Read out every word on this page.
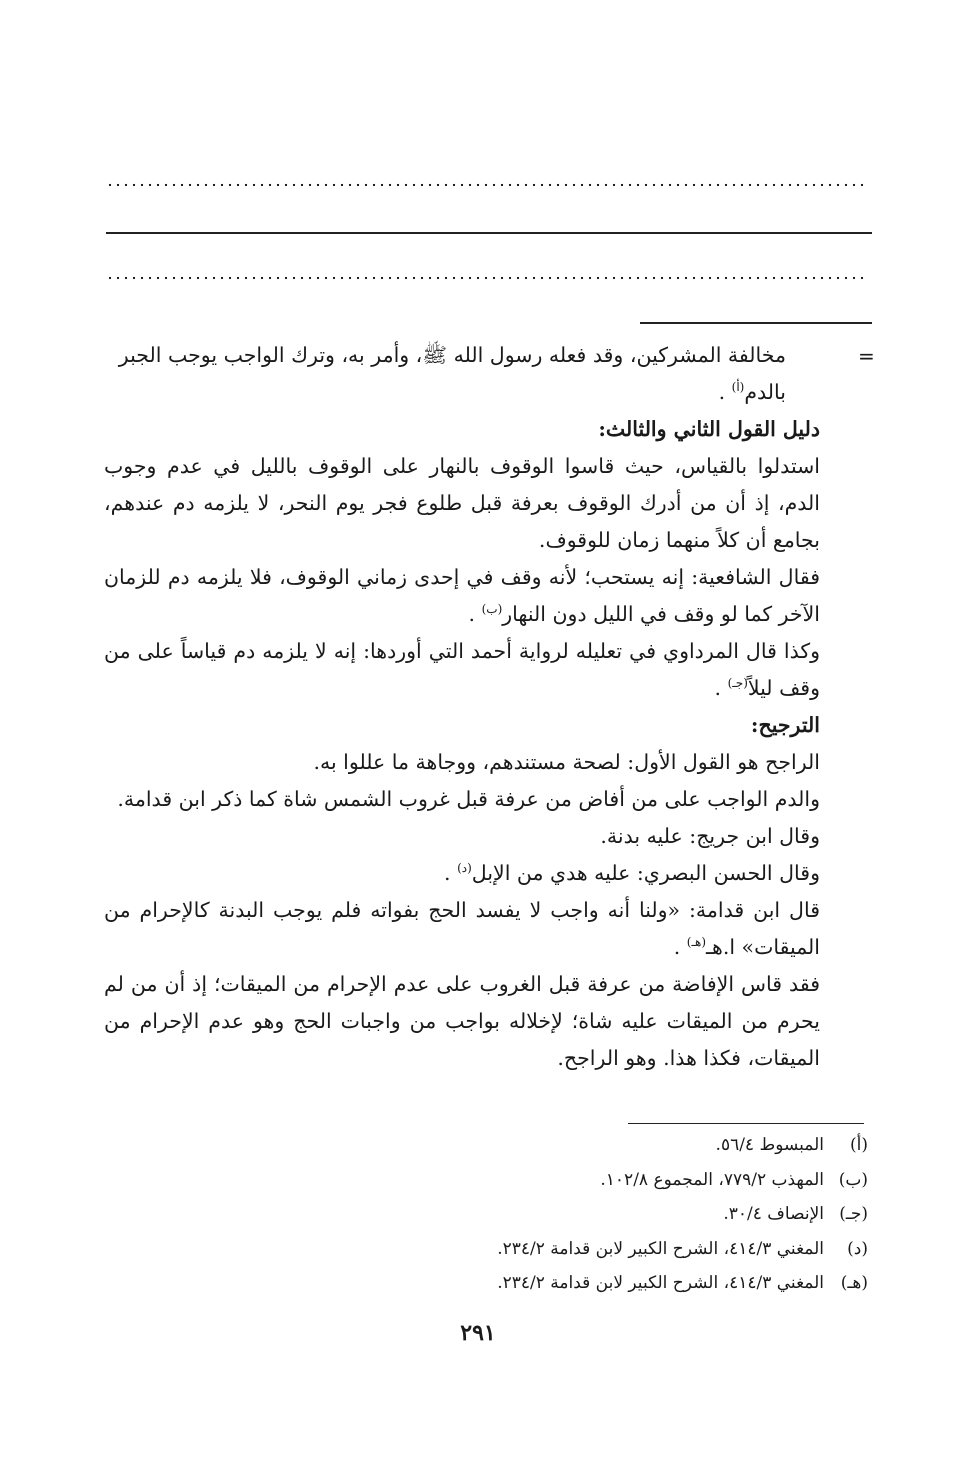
=

مخالفة المشركين، وقد فعله رسول الله ﷺ، وأمر به، وترك الواجب يوجب الجبر

بالدم$^{(أ)}$ .

دليل القول الثاني والثالث:

استدلوا بالقياس، حيث قاسوا الوقوف بالنهار على الوقوف بالليل في عدم وجوب الدم، إذ أن من أدرك الوقوف بعرفة قبل طلوع فجر يوم النحر، لا يلزمه دم عندهم، بجامع أن كلاً منهما زمان للوقوف.

فقال الشافعية: إنه يستحب؛ لأنه وقف في إحدى زماني الوقوف، فلا يلزمه دم للزمان الآخر كما لو وقف في الليل دون النهار$^{(ب)}$ .

وكذا قال المرداوي في تعليله لرواية أحمد التي أوردها: إنه لا يلزمه دم قياساً على من وقف ليلاً$^{(جـ)}$ .

الترجيح:

الراجح هو القول الأول: لصحة مستندهم، ووجاهة ما عللوا به.

والدم الواجب على من أفاض من عرفة قبل غروب الشمس شاة كما ذكر ابن قدامة.

وقال ابن جريج: عليه بدنة.

وقال الحسن البصري: عليه هدي من الإبل$^{(د)}$ .

قال ابن قدامة: «ولنا أنه واجب لا يفسد الحج بفواته فلم يوجب البدنة كالإحرام من الميقات» ا.هـ$^{(هـ)}$ .

فقد قاس الإفاضة من عرفة قبل الغروب على عدم الإحرام من الميقات؛ إذ أن من لم يحرم من الميقات عليه شاة؛ لإخلاله بواجب من واجبات الحج وهو عدم الإحرام من الميقات، فكذا هذا. وهو الراجح.

(أ)
المبسوط ٥٦/٤.
(ب)
المهذب ٧٧٩/٢، المجموع ١٠٢/٨.
(جـ)
الإنصاف ٣٠/٤.
(د)
المغني ٤١٤/٣، الشرح الكبير لابن قدامة ٢٣٤/٢.
(هـ)
المغني ٤١٤/٣، الشرح الكبير لابن قدامة ٢٣٤/٢.
٢٩١
